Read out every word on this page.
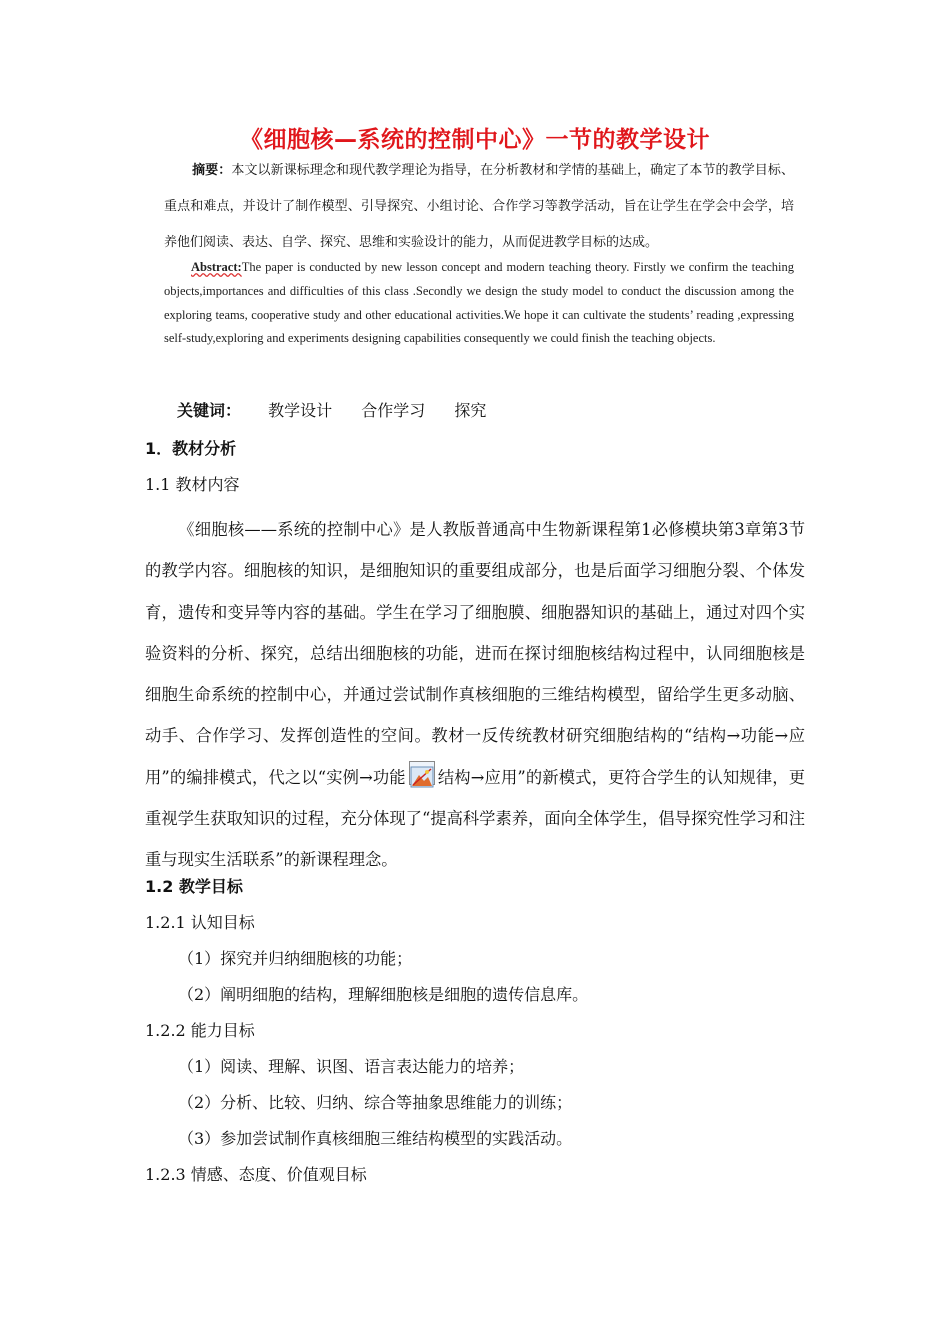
《细胞核—系统的控制中心》一节的教学设计
摘要：本文以新课标理念和现代教学理论为指导，在分析教材和学情的基础上，确定了本节的教学目标、重点和难点，并设计了制作模型、引导探究、小组讨论、合作学习等教学活动，旨在让学生在学会中会学，培养他们阅读、表达、自学、探究、思维和实验设计的能力，从而促进教学目标的达成。
Abstract:The paper is conducted by new lesson concept and modern teaching theory. Firstly we confirm the teaching objects,importances and difficulties of this class .Secondly we design the study model to conduct the discussion among the exploring teams, cooperative study and other educational activities.We hope it can cultivate the students’ reading ,expressing self-study,exploring and experiments designing capabilities consequently we could finish the teaching objects.
关键词： 教学设计 合作学习 探究
1．教材分析
1.1 教材内容
《细胞核——系统的控制中心》是人教版普通高中生物新课程第1必修模块第3章第3节的教学内容。细胞核的知识，是细胞知识的重要组成部分，也是后面学习细胞分裂、个体发育，遗传和变异等内容的基础。学生在学习了细胞膜、细胞器知识的基础上，通过对四个实验资料的分析、探究，总结出细胞核的功能，进而在探讨细胞核结构过程中，认同细胞核是细胞生命系统的控制中心，并通过尝试制作真核细胞的三维结构模型，留给学生更多动脑、动手、合作学习、发挥创造性的空间。教材一反传统教材研究细胞结构的“结构→功能→应用”的编排模式，代之以“实例→功能 结构→应用”的新模式，更符合学生的认知规律，更重视学生获取知识的过程，充分体现了“提高科学素养，面向全体学生，倡导探究性学习和注重与现实生活联系”的新课程理念。
1.2 教学目标
1.2.1 认知目标
（1）探究并归纳细胞核的功能；
（2）阐明细胞的结构，理解细胞核是细胞的遗传信息库。
1.2.2 能力目标
（1）阅读、理解、识图、语言表达能力的培养；
（2）分析、比较、归纳、综合等抽象思维能力的训练；
（3）参加尝试制作真核细胞三维结构模型的实践活动。
1.2.3 情感、态度、价值观目标
